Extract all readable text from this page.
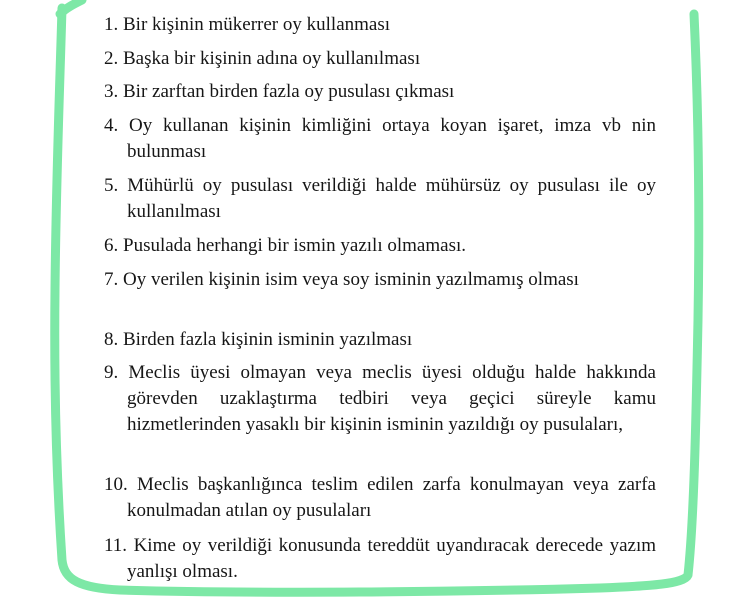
1. Bir kişinin mükerrer oy kullanması
2. Başka bir kişinin adına oy kullanılması
3. Bir zarftan birden fazla oy pusulası çıkması
4. Oy kullanan kişinin kimliğini ortaya koyan işaret, imza vb nin bulunması
5. Mühürlü oy pusulası verildiği halde mühürsüz oy pusulası ile oy kullanılması
6. Pusulada herhangi bir ismin yazılı olmaması.
7. Oy verilen kişinin isim veya soy isminin yazılmamış olması
8. Birden fazla kişinin isminin yazılması
9. Meclis üyesi olmayan veya meclis üyesi olduğu halde hakkında görevden uzaklaştırma tedbiri veya geçici süreyle kamu hizmetlerinden yasaklı bir kişinin isminin yazıldığı oy pusulaları,
10. Meclis başkanlığınca teslim edilen zarfa konulmayan veya zarfa konulmadan atılan oy pusulaları
11. Kime oy verildiği konusunda tereddüt uyandıracak derecede yazım yanlışı olması.
